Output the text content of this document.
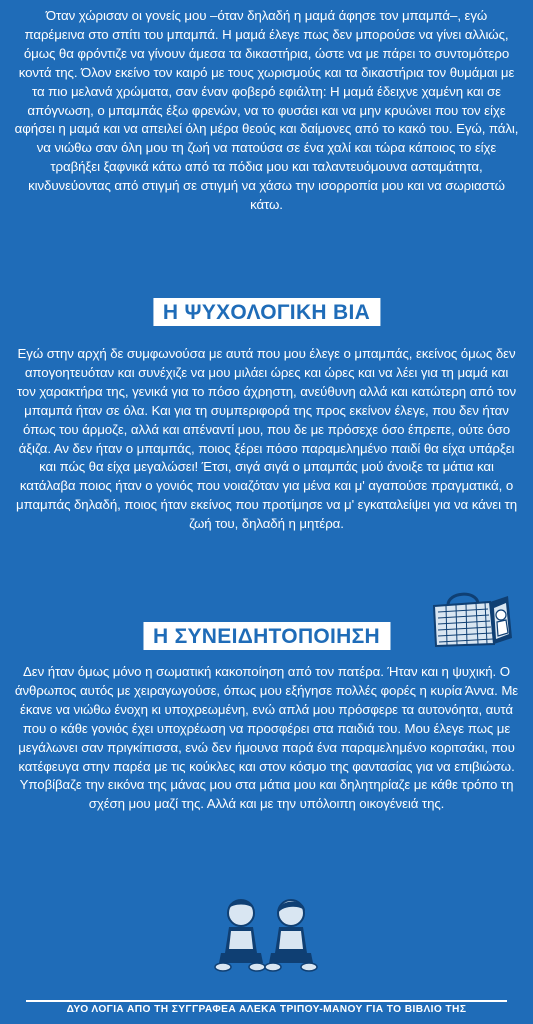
Όταν χώρισαν οι γονείς μου –όταν δηλαδή η μαμά άφησε τον μπαμπά–, εγώ παρέμεινα στο σπίτι του μπαμπά. Η μαμά έλεγε πως δεν μπορούσε να γίνει αλλιώς, όμως θα φρόντιζε να γίνουν άμεσα τα δικαστήρια, ώστε να με πάρει το συντομότερο κοντά της. Όλον εκείνο τον καιρό με τους χωρισμούς και τα δικαστήρια τον θυμάμαι με τα πιο μελανά χρώματα, σαν έναν φοβερό εφιάλτη: Η μαμά έδειχνε χαμένη και σε απόγνωση, ο μπαμπάς έξω φρενών, να το φυσάει και να μην κρυώνει που τον είχε αφήσει η μαμά και να απειλεί όλη μέρα θεούς και δαίμονες από το κακό του. Εγώ, πάλι, να νιώθω σαν όλη μου τη ζωή να πατούσα σε ένα χαλί και τώρα κάποιος το είχε τραβήξει ξαφνικά κάτω από τα πόδια μου και ταλαντευόμουνα ασταμάτητα, κινδυνεύοντας από στιγμή σε στιγμή να χάσω την ισορροπία μου και να σωριαστώ κάτω.

Η ΨΥΧΟΛΟΓΙΚΗ ΒΙΑ

Εγώ στην αρχή δε συμφωνούσα με αυτά που μου έλεγε ο μπαμπάς, εκείνος όμως δεν απογοητευόταν και συνέχιζε να μου μιλάει ώρες και ώρες και να λέει για τη μαμά και τον χαρακτήρα της, γενικά για το πόσο άχρηστη, ανεύθυνη αλλά και κατώτερη από τον μπαμπά ήταν σε όλα. Και για τη συμπεριφορά της προς εκείνον έλεγε, που δεν ήταν όπως του άρμοζε, αλλά και απέναντί μου, που δε με πρόσεχε όσο έπρεπε, ούτε όσο άξιζα. Αν δεν ήταν ο μπαμπάς, ποιος ξέρει πόσο παραμελημένο παιδί θα είχα υπάρξει και πώς θα είχα μεγαλώσει! Έτσι, σιγά σιγά ο μπαμπάς μού άνοιξε τα μάτια και κατάλαβα ποιος ήταν ο γονιός που νοιαζόταν για μένα και μ' αγαπούσε πραγματικά, ο μπαμπάς δηλαδή, ποιος ήταν εκείνος που προτίμησε να μ' εγκαταλείψει για να κάνει τη ζωή του, δηλαδή η μητέρα.

Η ΣΥΝΕΙΔΗΤΟΠΟΙΗΣΗ

Δεν ήταν όμως μόνο η σωματική κακοποίηση από τον πατέρα. Ήταν και η ψυχική. Ο άνθρωπος αυτός με χειραγωγούσε, όπως μου εξήγησε πολλές φορές η κυρία Άννα. Με έκανε να νιώθω ένοχη κι υποχρεωμένη, ενώ απλά μου πρόσφερε τα αυτονόητα, αυτά που ο κάθε γονιός έχει υποχρέωση να προσφέρει στα παιδιά του. Μου έλεγε πως με μεγάλωνει σαν πριγκίπισσα, ενώ δεν ήμουνα παρά ένα παραμελημένο κοριτσάκι, που κατέφευγα στην παρέα με τις κούκλες και στον κόσμο της φαντασίας για να επιβιώσω. Υποβίβαζε την εικόνα της μάνας μου στα μάτια μου και δηλητηρίαζε με κάθε τρόπο τη σχέση μου μαζί της. Αλλά και με την υπόλοιπη οικογένειά της.

ΔΥΟ ΛΟΓΙΑ ΑΠΟ ΤΗ ΣΥΓΓΡΑΦΕΑ ΑΛΕΚΑ ΤΡΙΠΟΥ-ΜΑΝΟΥ ΓΙΑ ΤΟ ΒΙΒΛΙΟ ΤΗΣ
